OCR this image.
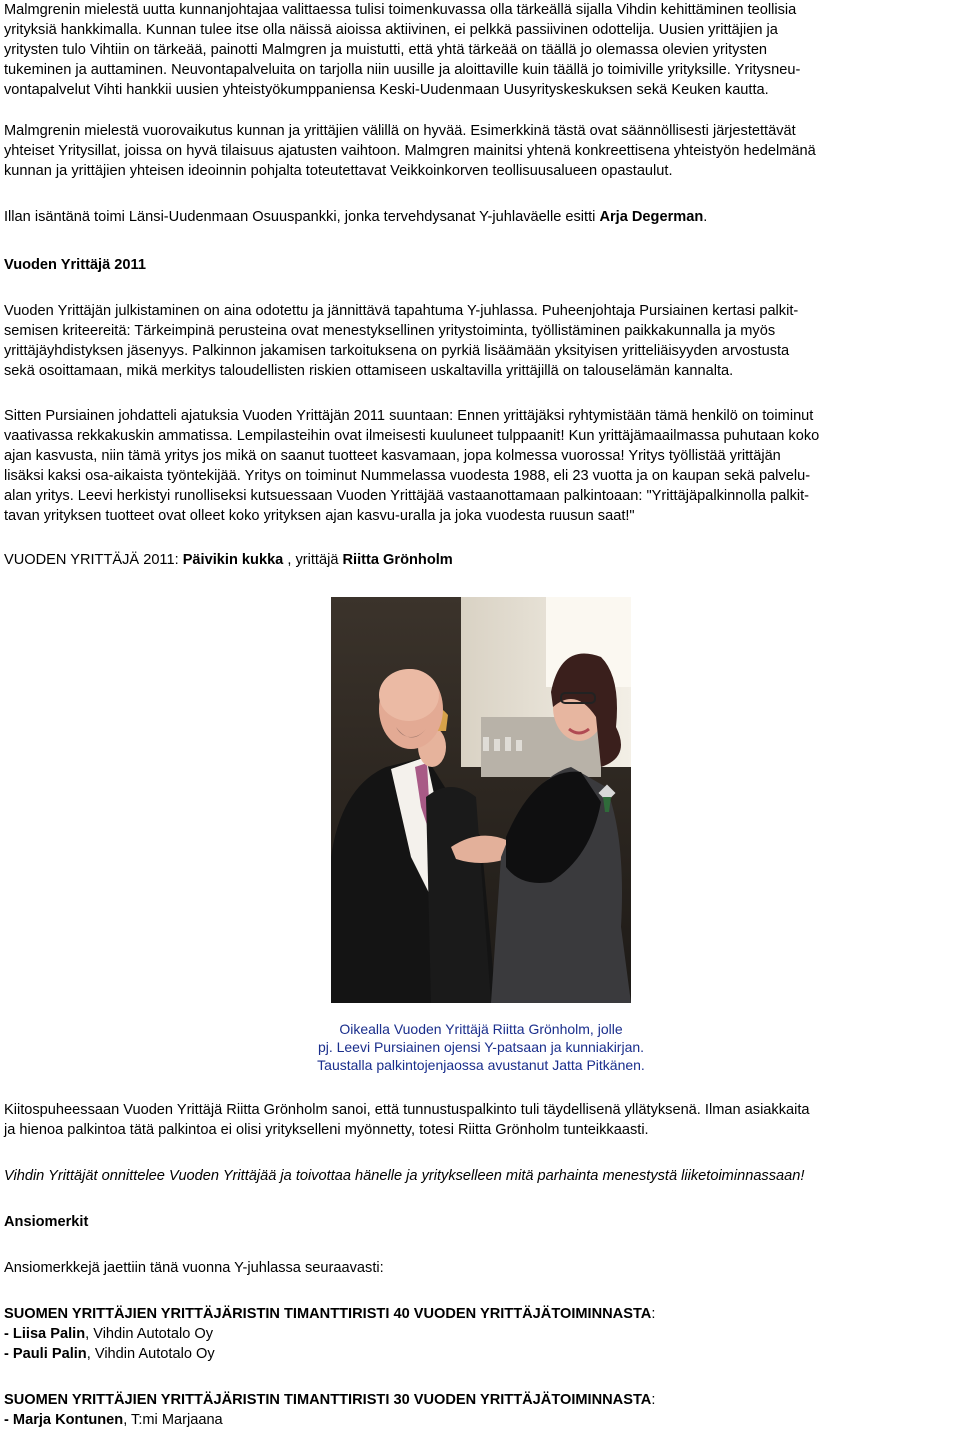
Malmgrenin mielestä uutta kunnanjohtajaa valittaessa tulisi toimenkuvassa olla tärkeällä sijalla Vihdin kehittäminen teollisia
yrityksiä hankkimalla. Kunnan tulee itse olla näissä aioissa aktiivinen, ei pelkkä passiivinen odottelija. Uusien yrittäjien ja
yritysten tulo Vihtiin on tärkeää, painotti Malmgren ja muistutti, että yhtä tärkeää on täällä jo olemassa olevien yritysten
tukeminen ja auttaminen. Neuvontapalveluita on tarjolla niin uusille ja aloittaville kuin täällä jo toimiville yrityksille. Yritysneu-
vontapalvelut Vihti hankkii uusien yhteistyökumppaniensa Keski-Uudenmaan Uusyrityskeskuksen sekä Keuken kautta.

Malmgrenin mielestä vuorovaikutus kunnan ja yrittäjien välillä on hyvää. Esimerkkinä tästä ovat säännöllisesti järjestettävät
yhteiset Yritysillat, joissa on hyvä tilaisuus ajatusten vaihtoon. Malmgren mainitsi yhtenä konkreettisena yhteistyön hedelmänä
kunnan ja yrittäjien yhteisen ideoinnin pohjalta toteutettavat Veikkoinkorven teollisuusalueen opastaulut.

Illan isäntänä toimi Länsi-Uudenmaan Osuuspankki, jonka tervehdysanat Y-juhlaväelle esitti Arja Degerman.

Vuoden Yrittäjä 2011

Vuoden Yrittäjän julkistaminen on aina odotettu ja jännittävä tapahtuma Y-juhlassa. Puheenjohtaja Pursiainen kertasi palkit-
semisen kriteereitä: Tärkeimpinä perusteina ovat menestyksellinen yritystoiminta, työllistäminen paikkakunnalla ja myös
yrittäjäyhdistyksen jäsenyys. Palkinnon jakamisen tarkoituksena on pyrkiä lisäämään yksityisen yritteliäisyyden arvostusta
sekä osoittamaan, mikä merkitys taloudellisten riskien ottamiseen uskaltavilla yrittäjillä on talouselämän kannalta.

Sitten Pursiainen johdatteli ajatuksia Vuoden Yrittäjän 2011 suuntaan: Ennen yrittäjäksi ryhtymistään tämä henkilö on toiminut
vaativassa rekkakuskin ammatissa. Lempilasteihin ovat ilmeisesti kuuluneet tulppaanit! Kun yrittäjämaailmassa puhutaan koko
ajan kasvusta, niin tämä yritys jos mikä on saanut tuotteet kasvamaan, jopa kolmessa vuorossa! Yritys työllistää yrittäjän
lisäksi kaksi osa-aikaista työntekijää. Yritys on toiminut Nummelassa vuodesta 1988, eli 23 vuotta ja on kaupan sekä palvelu-
alan yritys. Leevi herkistyi runolliseksi kutsuessaan Vuoden Yrittäjää vastaanottamaan palkintoaan: "Yrittäjäpalkinnolla palkit-
tavan yrityksen tuotteet ovat olleet koko yrityksen ajan kasvu-uralla ja joka vuodesta ruusun saat!"

VUODEN YRITTÄJÄ 2011: Päivikin kukka , yrittäjä Riitta Grönholm

Oikealla Vuoden Yrittäjä Riitta Grönholm, jolle
pj. Leevi Pursiainen ojensi Y-patsaan ja kunniakirjan.
Taustalla palkintojenjaossa avustanut Jatta Pitkänen.

Kiitospuheessaan Vuoden Yrittäjä Riitta Grönholm sanoi, että tunnustuspalkinto tuli täydellisenä yllätyksenä. Ilman asiakkaita
ja hienoa palkintoa tätä palkintoa ei olisi yritykselleni myönnetty, totesi Riitta Grönholm tunteikkaasti.

Vihdin Yrittäjät onnittelee Vuoden Yrittäjää ja toivottaa hänelle ja yritykselleen mitä parhainta menestystä liiketoiminnassaan!

Ansiomerkit

Ansiomerkkejä jaettiin tänä vuonna Y-juhlassa seuraavasti:

SUOMEN YRITTÄJIEN YRITTÄJÄRISTIN TIMANTTIRISTI 40 VUODEN YRITTÄJÄTOIMINNASTA:
- Liisa Palin, Vihdin Autotalo Oy
- Pauli Palin, Vihdin Autotalo Oy
SUOMEN YRITTÄJIEN YRITTÄJÄRISTIN TIMANTTIRISTI 30 VUODEN YRITTÄJÄTOIMINNASTA:
- Marja Kontunen, T:mi Marjaana
